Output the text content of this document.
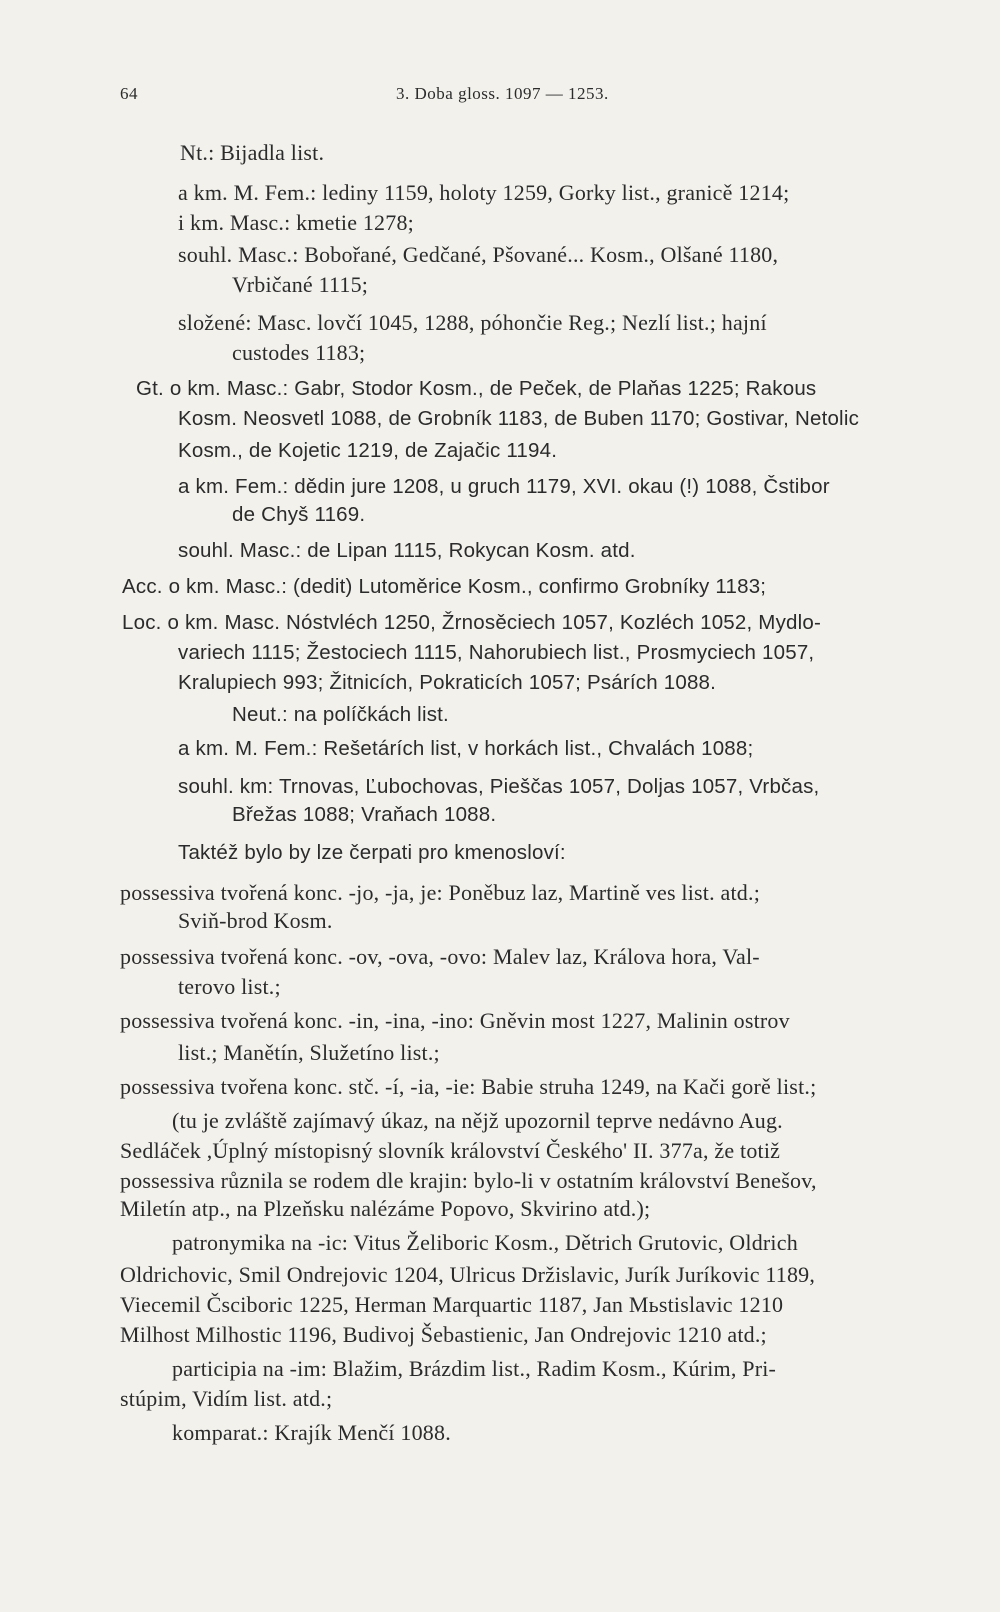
64	3. Doba gloss. 1097 — 1253.
Nt.: Bijadla list.
a km. M. Fem.: lediny 1159, holoty 1259, Gorky list., granicě 1214;
i km. Masc.: kmetie 1278;
souhl. Masc.: Bobořané, Gedčané, Pšované... Kosm., Olšané 1180,
Vrbičané 1115;
složené: Masc. lovčí 1045, 1288, póhončie Reg.; Nezlí list.; hajní
custodes 1183;
Gt. o km. Masc.: Gabr, Stodor Kosm., de Peček, de Plaňas 1225; Rakous
Kosm. Neosvetl 1088, de Grobník 1183, de Buben 1170; Gostivar, Netolic
Kosm., de Kojetic 1219, de Zajačic 1194.
a km. Fem.: dědin jure 1208, u gruch 1179, XVI. okau (!) 1088, Čstibor
de Chyš 1169.
souhl. Masc.: de Lipan 1115, Rokycan Kosm. atd.
Acc. o km. Masc.: (dedit) Lutoměrice Kosm., confirmo Grobníky 1183;
Loc. o km. Masc. Nóstvléch 1250, Žrnosěciech 1057, Kozléch 1052, Mydlo-
variech 1115; Žestociech 1115, Nahorubiech list., Prosmyciech 1057,
Kralupiech 993; Žitnicích, Pokraticích 1057; Psárích 1088.
Neut.: na políčkách list.
a km. M. Fem.: Rešetárích list, v horkách list., Chvalách 1088;
souhl. km: Trnovas, Ľubochovas, Pieščas 1057, Doljas 1057, Vrbčas,
Břežas 1088; Vraňach 1088.
Taktéž bylo by lze čerpati pro kmenosloví:
possessiva tvořená konc. -jo, -ja, je: Poněbuz laz, Martině ves list. atd.;
Sviň-brod Kosm.
possessiva tvořená konc. -ov, -ova, -ovo: Malev laz, Králova hora, Val-
terovo list.;
possessiva tvořená konc. -in, -ina, -ino: Gněvin most 1227, Malinin ostrov
list.; Manětín, Služetíno list.;
possessiva tvořena konc. stč. -í, -ia, -ie: Babie struha 1249, na Kači gorě list.;
(tu je zvláště zajímavý úkaz, na nějž upozornil teprve nedávno Aug.
Sedláček ,Úplný místopisný slovník království Českého' II. 377a, že totiž
possessiva různila se rodem dle krajin: bylo-li v ostatním království Benešov,
Miletín atp., na Plzeňsku nalézáme Popovo, Skvirino atd.);
patronymika na -ic: Vitus Želiboric Kosm., Dětrich Grutovic, Oldrich
Oldrichovic, Smil Ondrejovic 1204, Ulricus Držislavic, Jurík Juríkovic 1189,
Viecemil Čsciboric 1225, Herman Marquartic 1187, Jan Mьstislavic 1210
Milhost Milhostic 1196, Budivoj Šebastienic, Jan Ondrejovic 1210 atd.;
participia na -im: Blažim, Brázdim list., Radim Kosm., Kúrim, Pri-
stúpim, Vidím list. atd.;
komparat.: Krajík Menčí 1088.
